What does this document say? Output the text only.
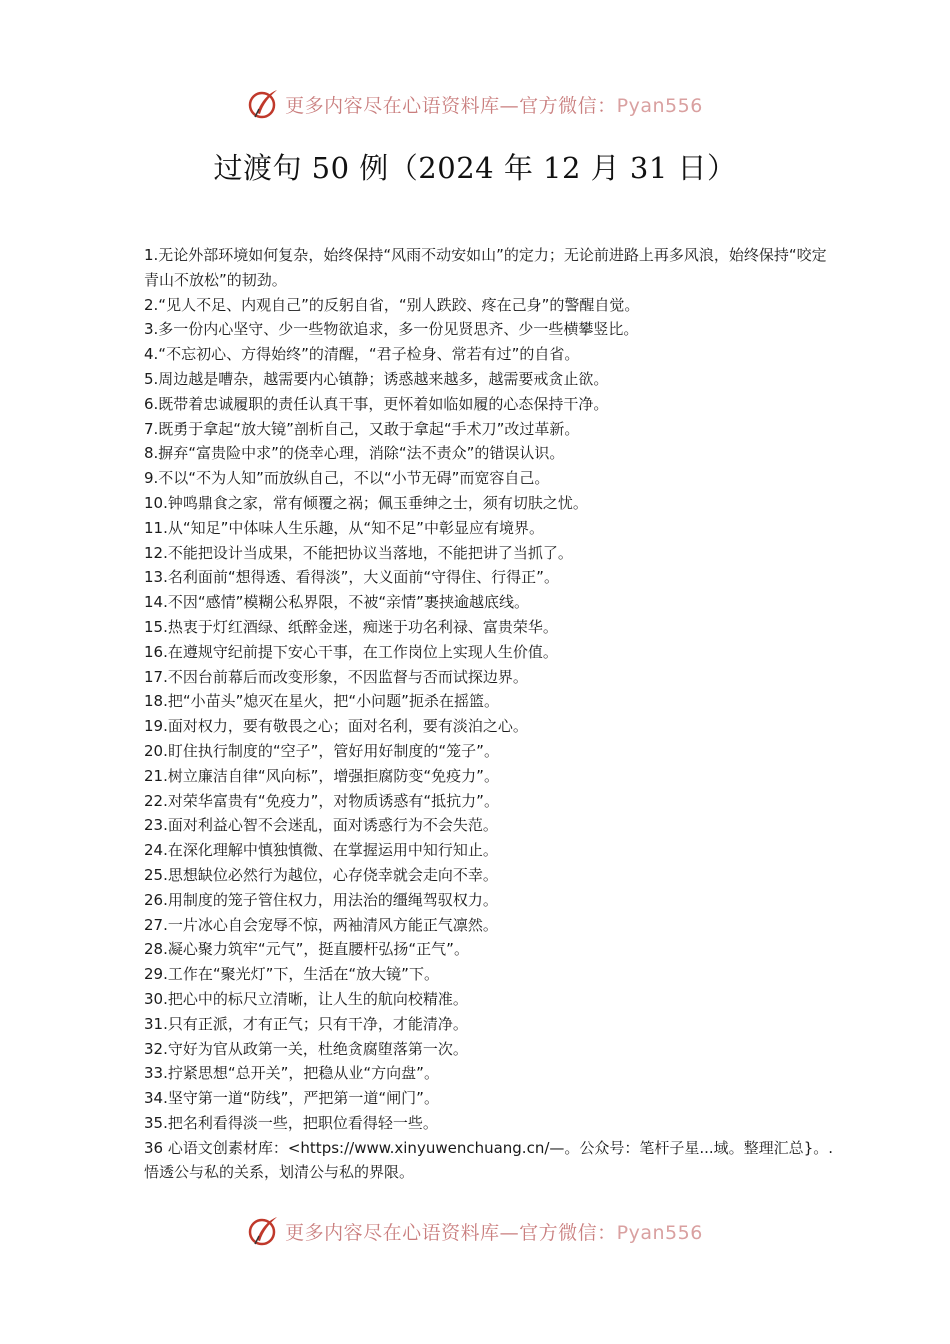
更多内容尽在心语资料库—官方微信：Pyan556
过渡句 50 例（2024 年 12 月 31 日）

1.无论外部环境如何复杂，始终保持“风雨不动安如山”的定力；无论前进路上再多风浪，始终保持“咬定青山不放松”的韧劲。

2.“见人不足、内观自己”的反躬自省，“别人跌跤、疼在己身”的警醒自觉。

3.多一份内心坚守、少一些物欲追求，多一份见贤思齐、少一些横攀竖比。

4.“不忘初心、方得始终”的清醒，“君子检身、常若有过”的自省。

5.周边越是嘈杂，越需要内心镇静；诱惑越来越多，越需要戒贪止欲。

6.既带着忠诚履职的责任认真干事，更怀着如临如履的心态保持干净。

7.既勇于拿起“放大镜”剖析自己，又敢于拿起“手术刀”改过革新。

8.摒弃“富贵险中求”的侥幸心理，消除“法不责众”的错误认识。

9.不以“不为人知”而放纵自己，不以“小节无碍”而宽容自己。

10.钟鸣鼎食之家，常有倾覆之祸；佩玉垂绅之士，须有切肤之忧。

11.从“知足”中体味人生乐趣，从“知不足”中彰显应有境界。

12.不能把设计当成果，不能把协议当落地，不能把讲了当抓了。

13.名利面前“想得透、看得淡”，大义面前“守得住、行得正”。

14.不因“感情”模糊公私界限，不被“亲情”裹挟逾越底线。

15.热衷于灯红酒绿、纸醉金迷，痴迷于功名利禄、富贵荣华。

16.在遵规守纪前提下安心干事，在工作岗位上实现人生价值。

17.不因台前幕后而改变形象，不因监督与否而试探边界。

18.把“小苗头”熄灭在星火，把“小问题”扼杀在摇篮。

19.面对权力，要有敬畏之心；面对名利，要有淡泊之心。

20.盯住执行制度的“空子”，管好用好制度的“笼子”。

21.树立廉洁自律“风向标”，增强拒腐防变“免疫力”。

22.对荣华富贵有“免疫力”，对物质诱惑有“抵抗力”。

23.面对利益心智不会迷乱，面对诱惑行为不会失范。

24.在深化理解中慎独慎微、在掌握运用中知行知止。

25.思想缺位必然行为越位，心存侥幸就会走向不幸。

26.用制度的笼子管住权力，用法治的缰绳驾驭权力。

27.一片冰心自会宠辱不惊，两袖清风方能正气凛然。

28.凝心聚力筑牢“元气”，挺直腰杆弘扬“正气”。

29.工作在“聚光灯”下，生活在“放大镜”下。

30.把心中的标尺立清晰，让人生的航向校精准。

31.只有正派，才有正气；只有干净，才能清净。

32.守好为官从政第一关，杜绝贪腐堕落第一次。

33.拧紧思想“总开关”，把稳从业“方向盘”。

34.坚守第一道“防线”，严把第一道“闸门”。

35.把名利看得淡一些，把职位看得轻一些。

36 心语文创素材库：<https://www.xinyuwenchuang.cn/—。公众号：笔杆子星...域。整理汇总}。.悟透公与私的关系，划清公与私的界限。

更多内容尽在心语资料库—官方微信：Pyan556
